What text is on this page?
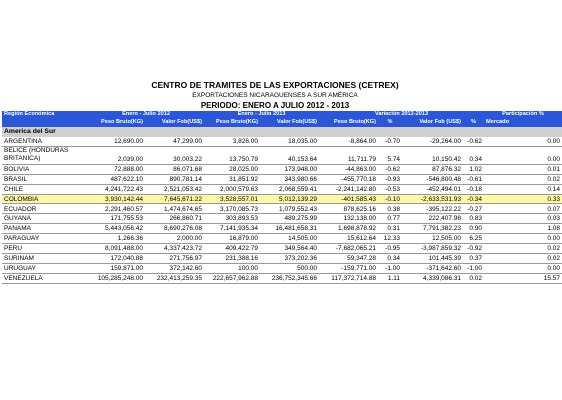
CENTRO DE TRAMITES DE LAS EXPORTACIONES (CETREX)
EXPORTACIONES NICARAGUENSES A SUR AMÉRICA
PERIODO: ENERO A JULIO 2012 - 2013
Región Económica	Enero - Julio 2012		Enero - Julio 2013		Variación 2012-2013				Participación %
	Peso Bruto(KG)	Valor Fob(US$)	Peso Bruto(KG)	Valor Fob(US$)	Peso Bruto(KG)	%	Valor Fob (US$)	%	Mercado
America del Sur									
ARGENTINA	12,690.00	47,299.00	3,826.00	18,035.00	-8,864.00	-0.70	-29,264.00	-0.62	0.00
BELICE (HONDURAS BRITANICA)	2,039.00	30,003.22	13,750.79	40,153.64	11,711.79	5.74	10,150.42	0.34	0.00
BOLIVIA	72,888.00	86,071.68	28,025.00	173,948.00	-44,863.00	-0.62	87,876.32	1.02	0.01
BRASIL	487,622.10	890,781.14	31,851.92	343,980.66	-455,770.18	-0.93	-546,800.48	-0.61	0.02
CHILE	4,241,722.43	2,521,053.42	2,000,579.63	2,068,559.41	-2,241,142.80	-0.53	-452,494.01	-0.18	0.14
COLOMBIA	3,930,142.44	7,645,671.22	3,528,557.01	5,012,139.29	-401,585.43	-0.10	-2,633,531.93	-0.34	0.33
ECUADOR	2,291,460.57	1,474,674.65	3,170,085.73	1,079,552.43	878,625.16	0.38	-395,122.22	-0.27	0.07
GUYANA	171,755.53	266,860.71	303,893.53	489,275.99	132,138.00	0.77	222,407.98	0.83	0.03
PANAMA	5,443,056.42	8,690,276.08	7,141,935.34	16,481,658.31	1,698,878.92	0.31	7,791,382.23	0.90	1.08
PARAGUAY	1,266.36	2,000.00	16,879.00	14,505.00	15,612.64	12.33	12,505.00	6.25	0.00
PERU	8,091,488.00	4,337,423.72	409,422.79	349,564.40	-7,682,065.21	-0.95	-3,987,859.32	-0.92	0.02
SURINAM	172,040.88	271,756.97	231,388.16	373,202.36	59,347.28	0.34	101,445.39	0.37	0.02
URUGUAY	159,871.00	372,142.60	100.00	500.00	-159,771.00	-1.00	-371,642.60	-1.00	0.00
VENEZUELA	105,285,248.00	232,413,259.35	222,657,962.88	236,752,345.66	117,372,714.88	1.11	4,339,086.31	0.02	15.57
